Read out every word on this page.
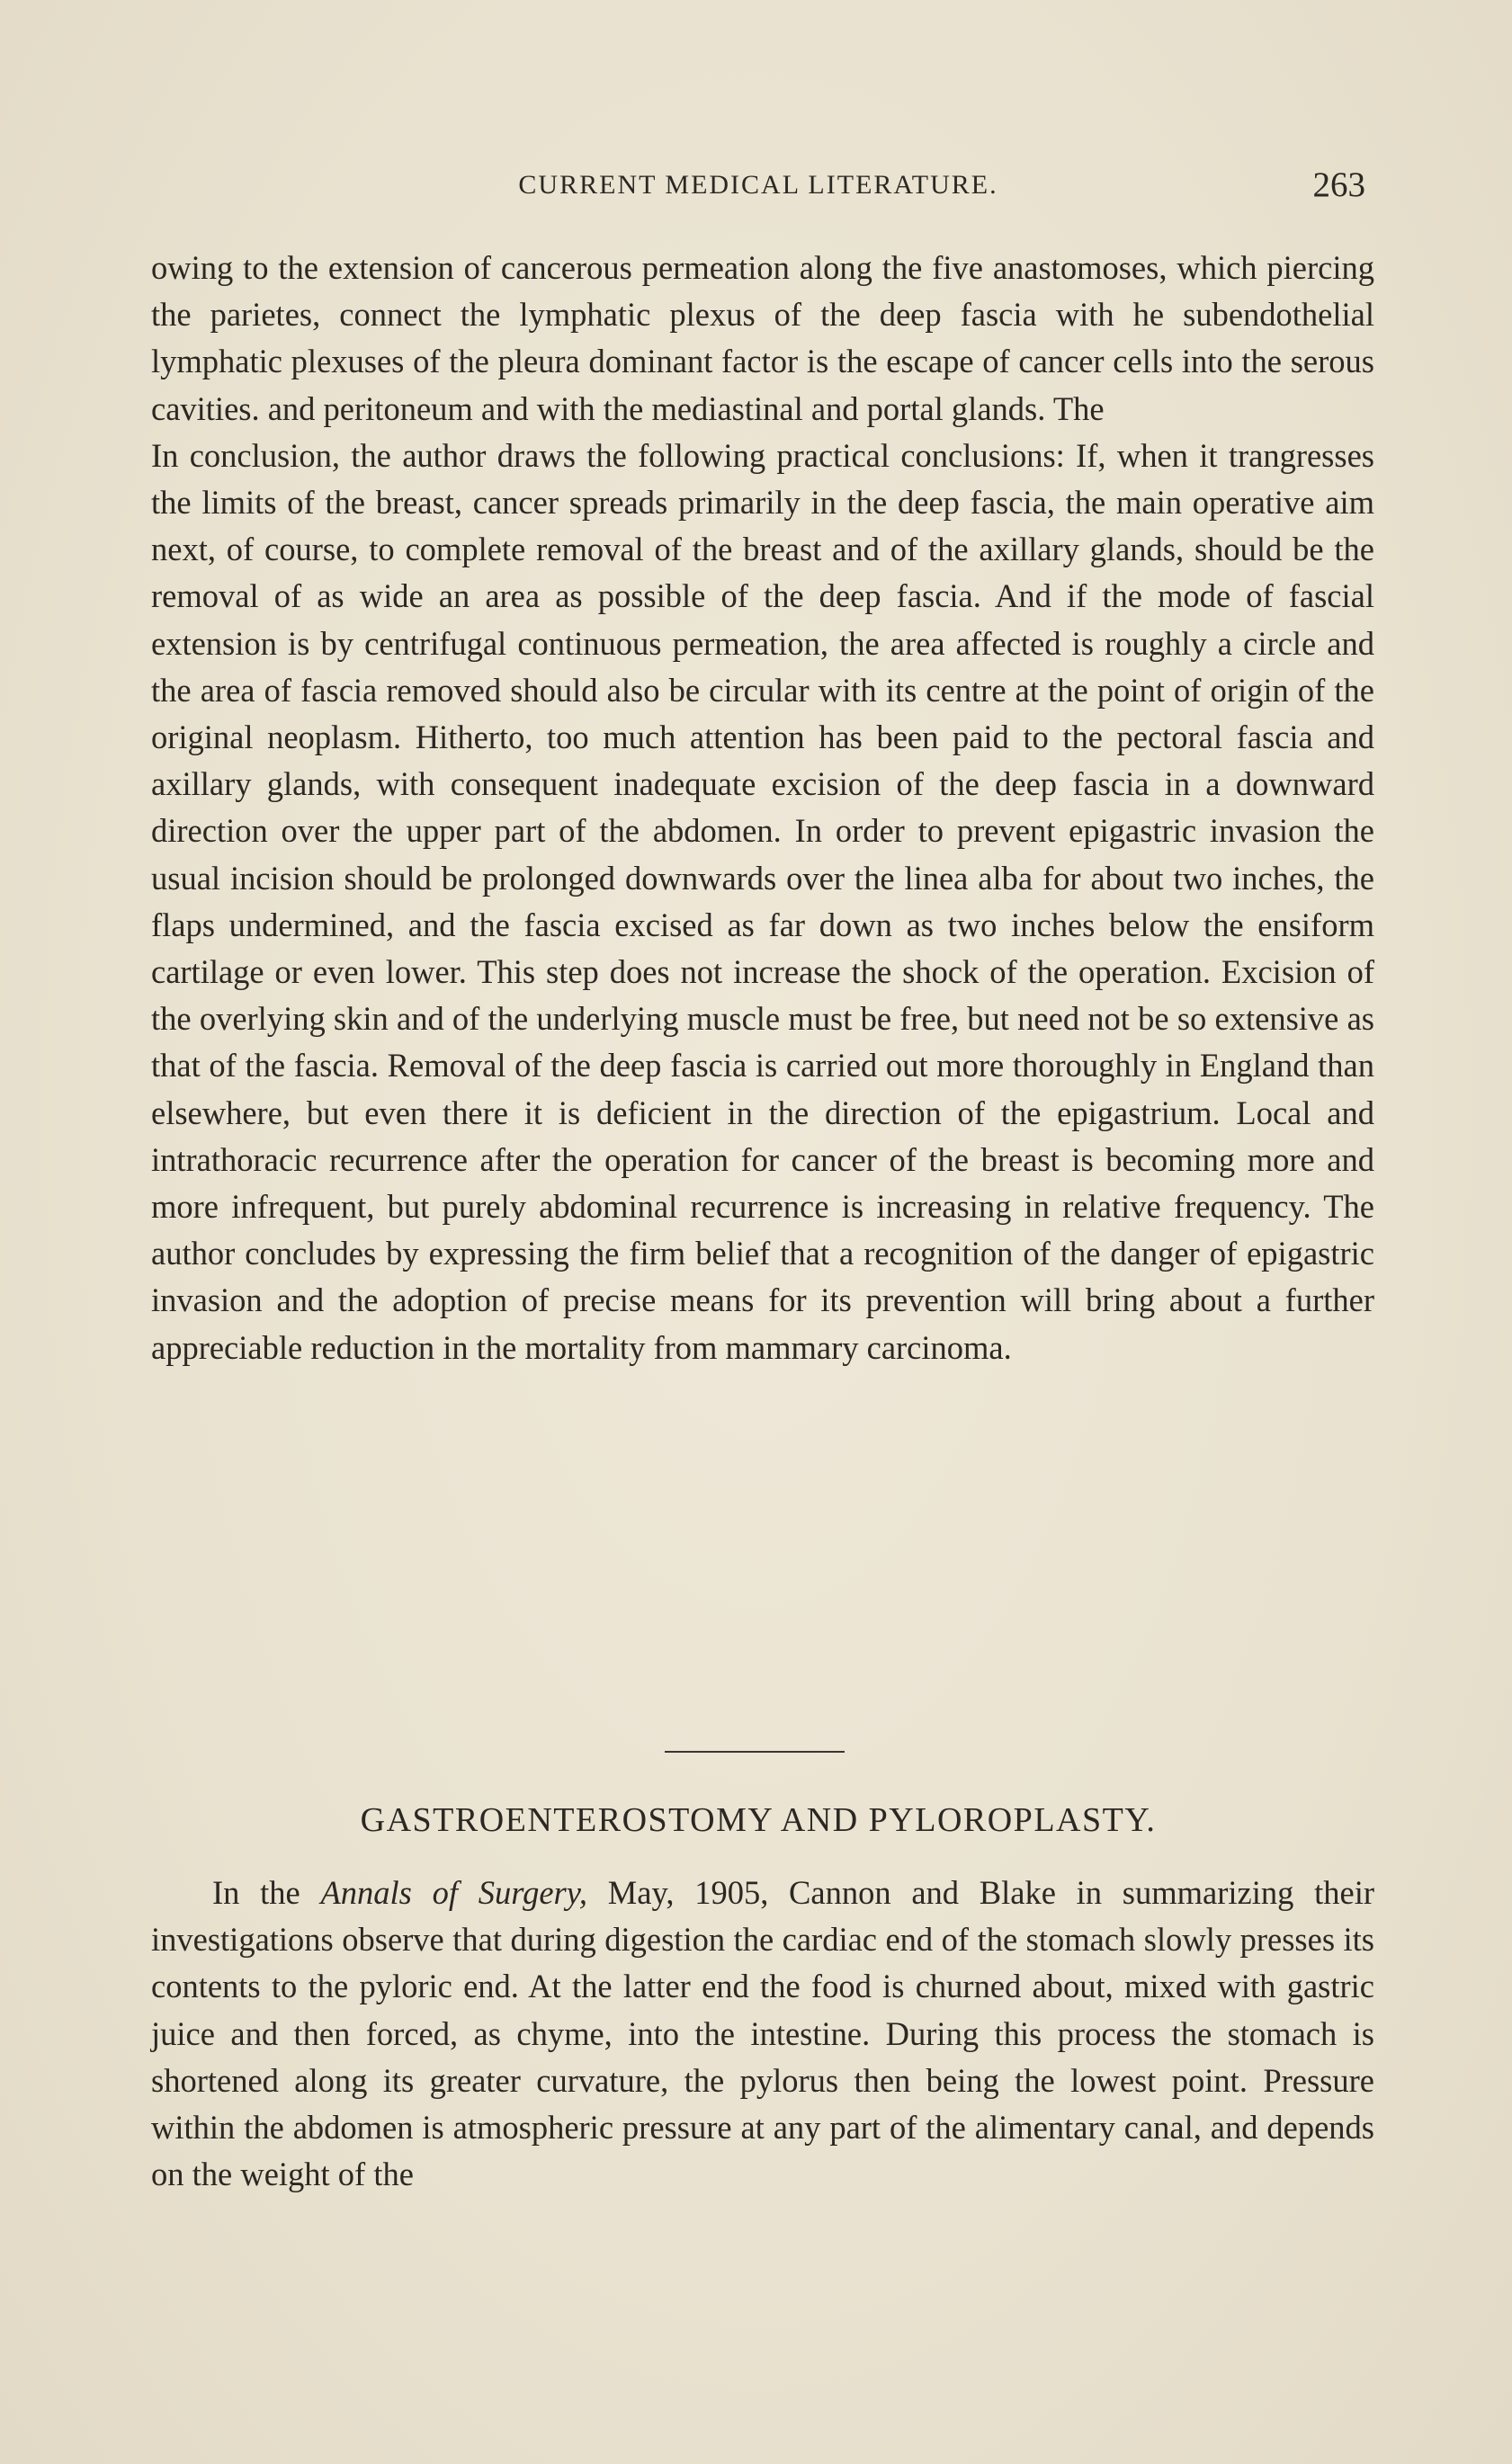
CURRENT MEDICAL LITERATURE.	263

owing to the extension of cancerous permeation along the five anastomoses, which piercing the parietes, connect the lymphatic plexus of the deep fascia with he subendothelial lymphatic plexuses of the pleura dominant factor is the escape of cancer cells into the serous cavities. and peritoneum and with the mediastinal and portal glands. The

In conclusion, the author draws the following practical conclusions: If, when it trangresses the limits of the breast, cancer spreads primarily in the deep fascia, the main operative aim next, of course, to complete removal of the breast and of the axillary glands, should be the removal of as wide an area as possible of the deep fascia. And if the mode of fascial extension is by centrifugal continuous permeation, the area affected is roughly a circle and the area of fascia removed should also be circular with its centre at the point of origin of the original neoplasm. Hitherto, too much attention has been paid to the pectoral fascia and axillary glands, with consequent inadequate excision of the deep fascia in a downward direction over the upper part of the abdomen. In order to prevent epigastric invasion the usual incision should be prolonged downwards over the linea alba for about two inches, the flaps undermined, and the fascia excised as far down as two inches below the ensiform cartilage or even lower. This step does not increase the shock of the operation. Excision of the overlying skin and of the underlying muscle must be free, but need not be so extensive as that of the fascia. Removal of the deep fascia is carried out more thoroughly in England than elsewhere, but even there it is deficient in the direction of the epigastrium. Local and intrathoracic recurrence after the operation for cancer of the breast is becoming more and more infrequent, but purely abdominal recurrence is increasing in relative frequency. The author concludes by expressing the firm belief that a recognition of the danger of epigastric invasion and the adoption of precise means for its prevention will bring about a further appreciable reduction in the mortality from mammary carcinoma.

GASTROENTEROSTOMY AND PYLOROPLASTY.

In the Annals of Surgery, May, 1905, Cannon and Blake in summarizing their investigations observe that during digestion the cardiac end of the stomach slowly presses its contents to the pyloric end. At the latter end the food is churned about, mixed with gastric juice and then forced, as chyme, into the intestine. During this process the stomach is shortened along its greater curvature, the pylorus then being the lowest point. Pressure within the abdomen is atmospheric pressure at any part of the alimentary canal, and depends on the weight of the
